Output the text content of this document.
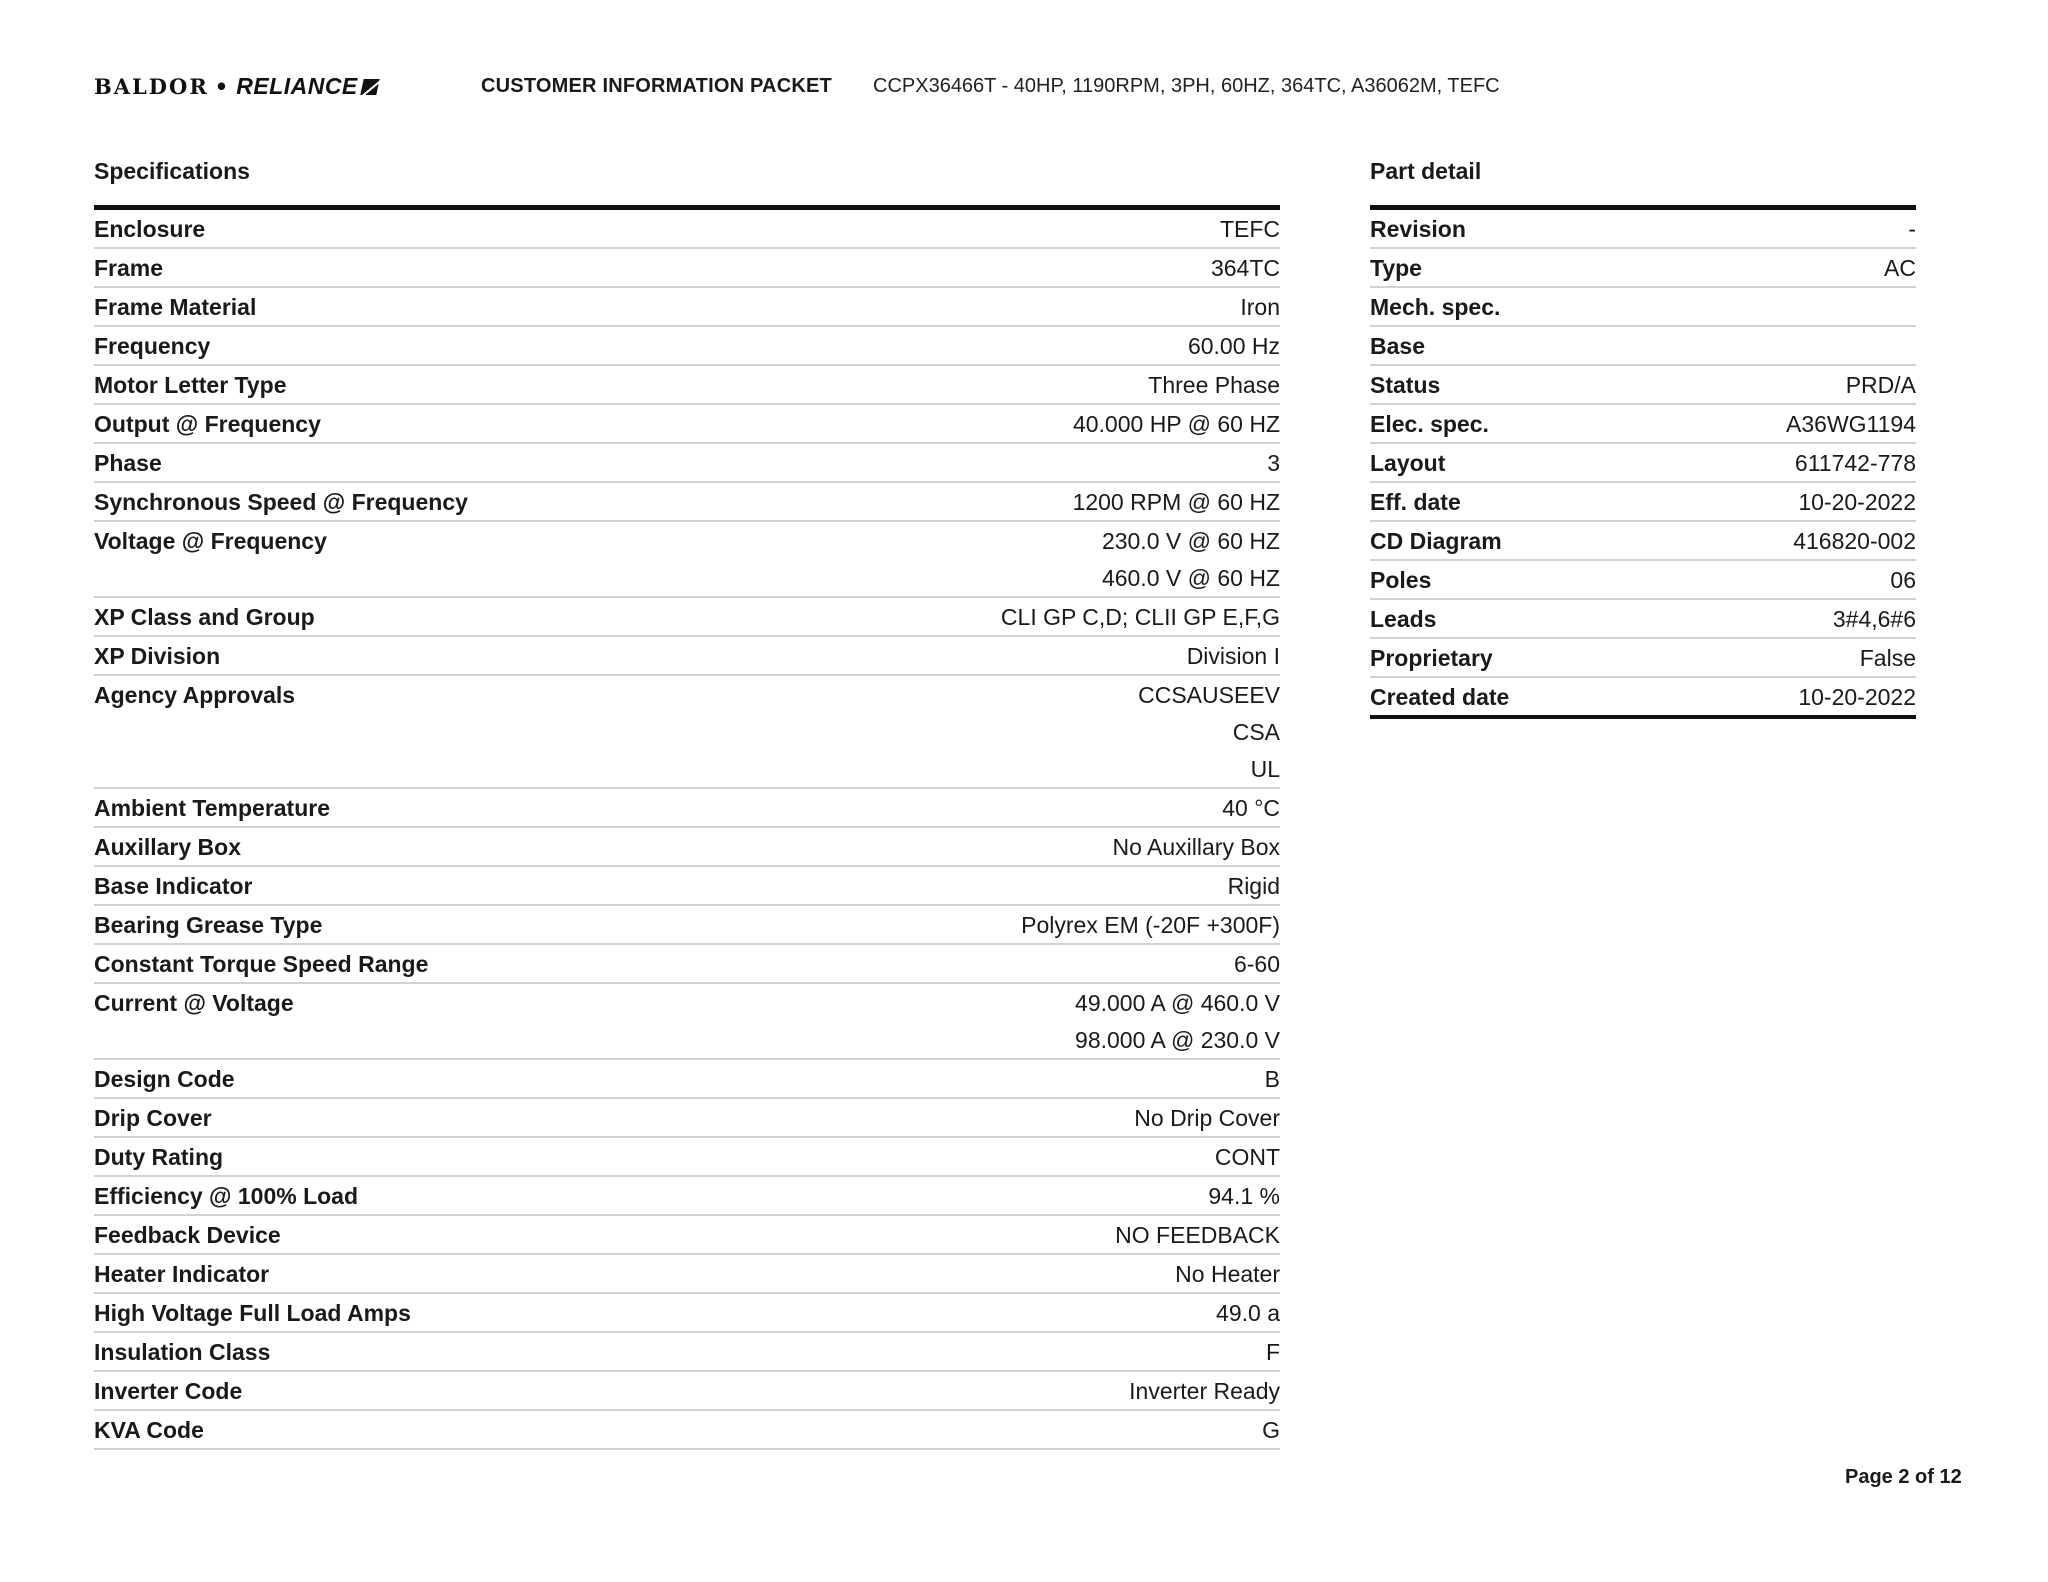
BALDOR • RELIANCE	CUSTOMER INFORMATION PACKET CCPX36466T - 40HP, 1190RPM, 3PH, 60HZ, 364TC, A36062M, TEFC
Specifications
Enclosure	TEFC
Frame	364TC
Frame Material	Iron
Frequency	60.00 Hz
Motor Letter Type	Three Phase
Output @ Frequency	40.000 HP @ 60 HZ
Phase	3
Synchronous Speed @ Frequency	1200 RPM @ 60 HZ
Voltage @ Frequency	230.0 V @ 60 HZ
460.0 V @ 60 HZ
XP Class and Group	CLI GP C,D; CLII GP E,F,G
XP Division	Division I
Agency Approvals	CCSAUSEEV
CSA
UL
Ambient Temperature	40 °C
Auxillary Box	No Auxillary Box
Base Indicator	Rigid
Bearing Grease Type	Polyrex EM (-20F +300F)
Constant Torque Speed Range	6-60
Current @ Voltage	49.000 A @ 460.0 V
98.000 A @ 230.0 V
Design Code	B
Drip Cover	No Drip Cover
Duty Rating	CONT
Efficiency @ 100% Load	94.1 %
Feedback Device	NO FEEDBACK
Heater Indicator	No Heater
High Voltage Full Load Amps	49.0 a
Insulation Class	F
Inverter Code	Inverter Ready
KVA Code	G
Part detail
Revision	-
Type	AC
Mech. spec.
Base
Status	PRD/A
Elec. spec.	A36WG1194
Layout	611742-778
Eff. date	10-20-2022
CD Diagram	416820-002
Poles	06
Leads	3#4,6#6
Proprietary	False
Created date	10-20-2022
Page 2 of 12
